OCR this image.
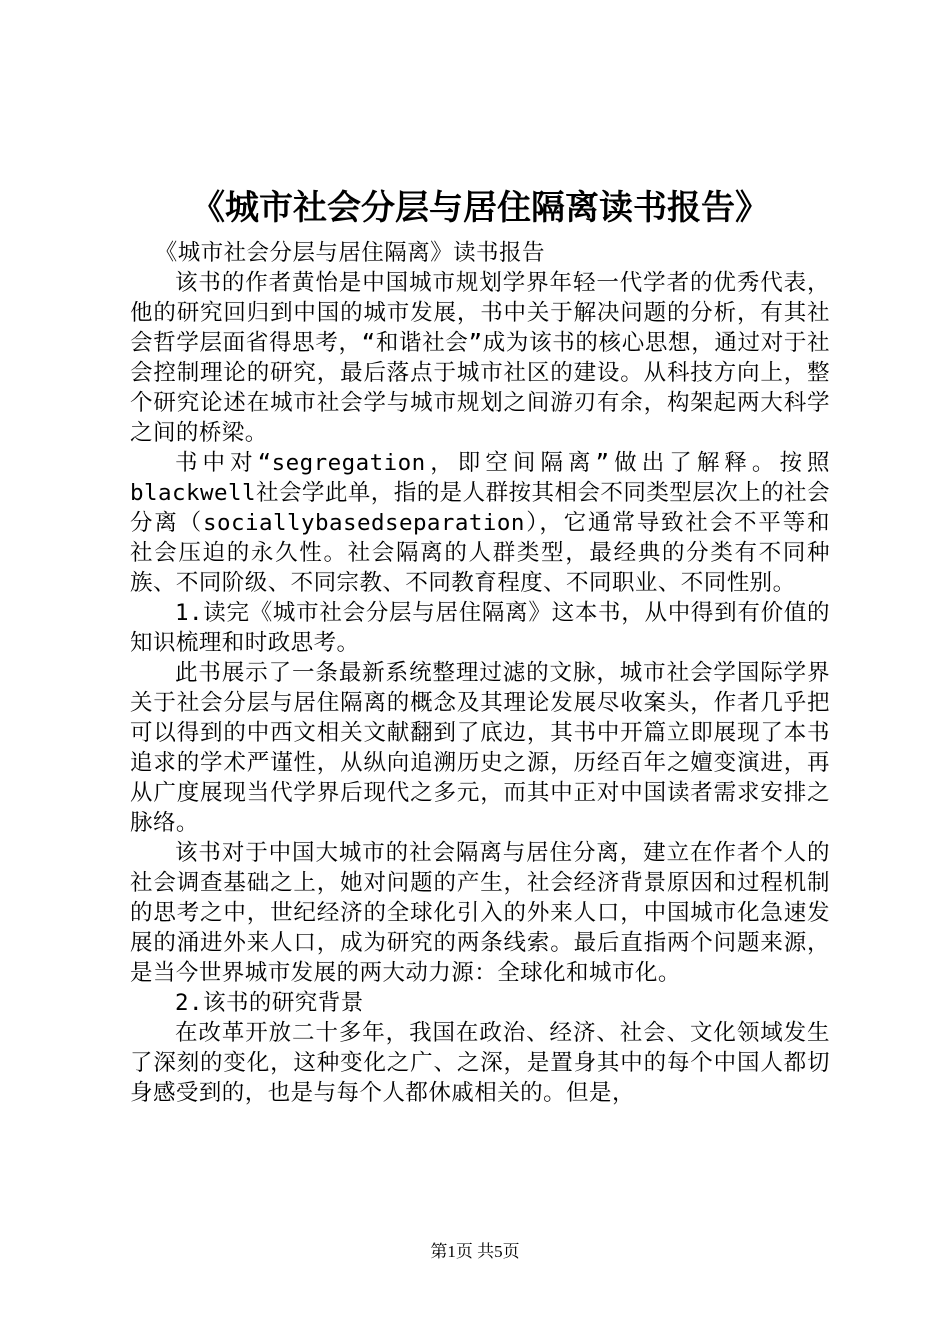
《城市社会分层与居住隔离读书报告》

《城市社会分层与居住隔离》读书报告

该书的作者黄怡是中国城市规划学界年轻一代学者的优秀代表，他的研究回归到中国的城市发展，书中关于解决问题的分析，有其社会哲学层面省得思考，“和谐社会”成为该书的核心思想，通过对于社会控制理论的研究，最后落点于城市社区的建设。从科技方向上，整个研究论述在城市社会学与城市规划之间游刃有余，构架起两大科学之间的桥梁。

书中对“segregation，即空间隔离”做出了解释。按照blackwell社会学此单，指的是人群按其相会不同类型层次上的社会分离（sociallybasedseparation），它通常导致社会不平等和社会压迫的永久性。社会隔离的人群类型，最经典的分类有不同种族、不同阶级、不同宗教、不同教育程度、不同职业、不同性别。

1.读完《城市社会分层与居住隔离》这本书，从中得到有价值的知识梳理和时政思考。

此书展示了一条最新系统整理过滤的文脉，城市社会学国际学界关于社会分层与居住隔离的概念及其理论发展尽收案头，作者几乎把可以得到的中西文相关文献翻到了底边，其书中开篇立即展现了本书追求的学术严谨性，从纵向追溯历史之源，历经百年之嬗变演进，再从广度展现当代学界后现代之多元，而其中正对中国读者需求安排之脉络。

该书对于中国大城市的社会隔离与居住分离，建立在作者个人的社会调查基础之上，她对问题的产生，社会经济背景原因和过程机制的思考之中，世纪经济的全球化引入的外来人口，中国城市化急速发展的涌进外来人口，成为研究的两条线索。最后直指两个问题来源，是当今世界城市发展的两大动力源：全球化和城市化。

2.该书的研究背景

在改革开放二十多年，我国在政治、经济、社会、文化领域发生了深刻的变化，这种变化之广、之深，是置身其中的每个中国人都切身感受到的，也是与每个人都休戚相关的。但是，

第1页 共5页
